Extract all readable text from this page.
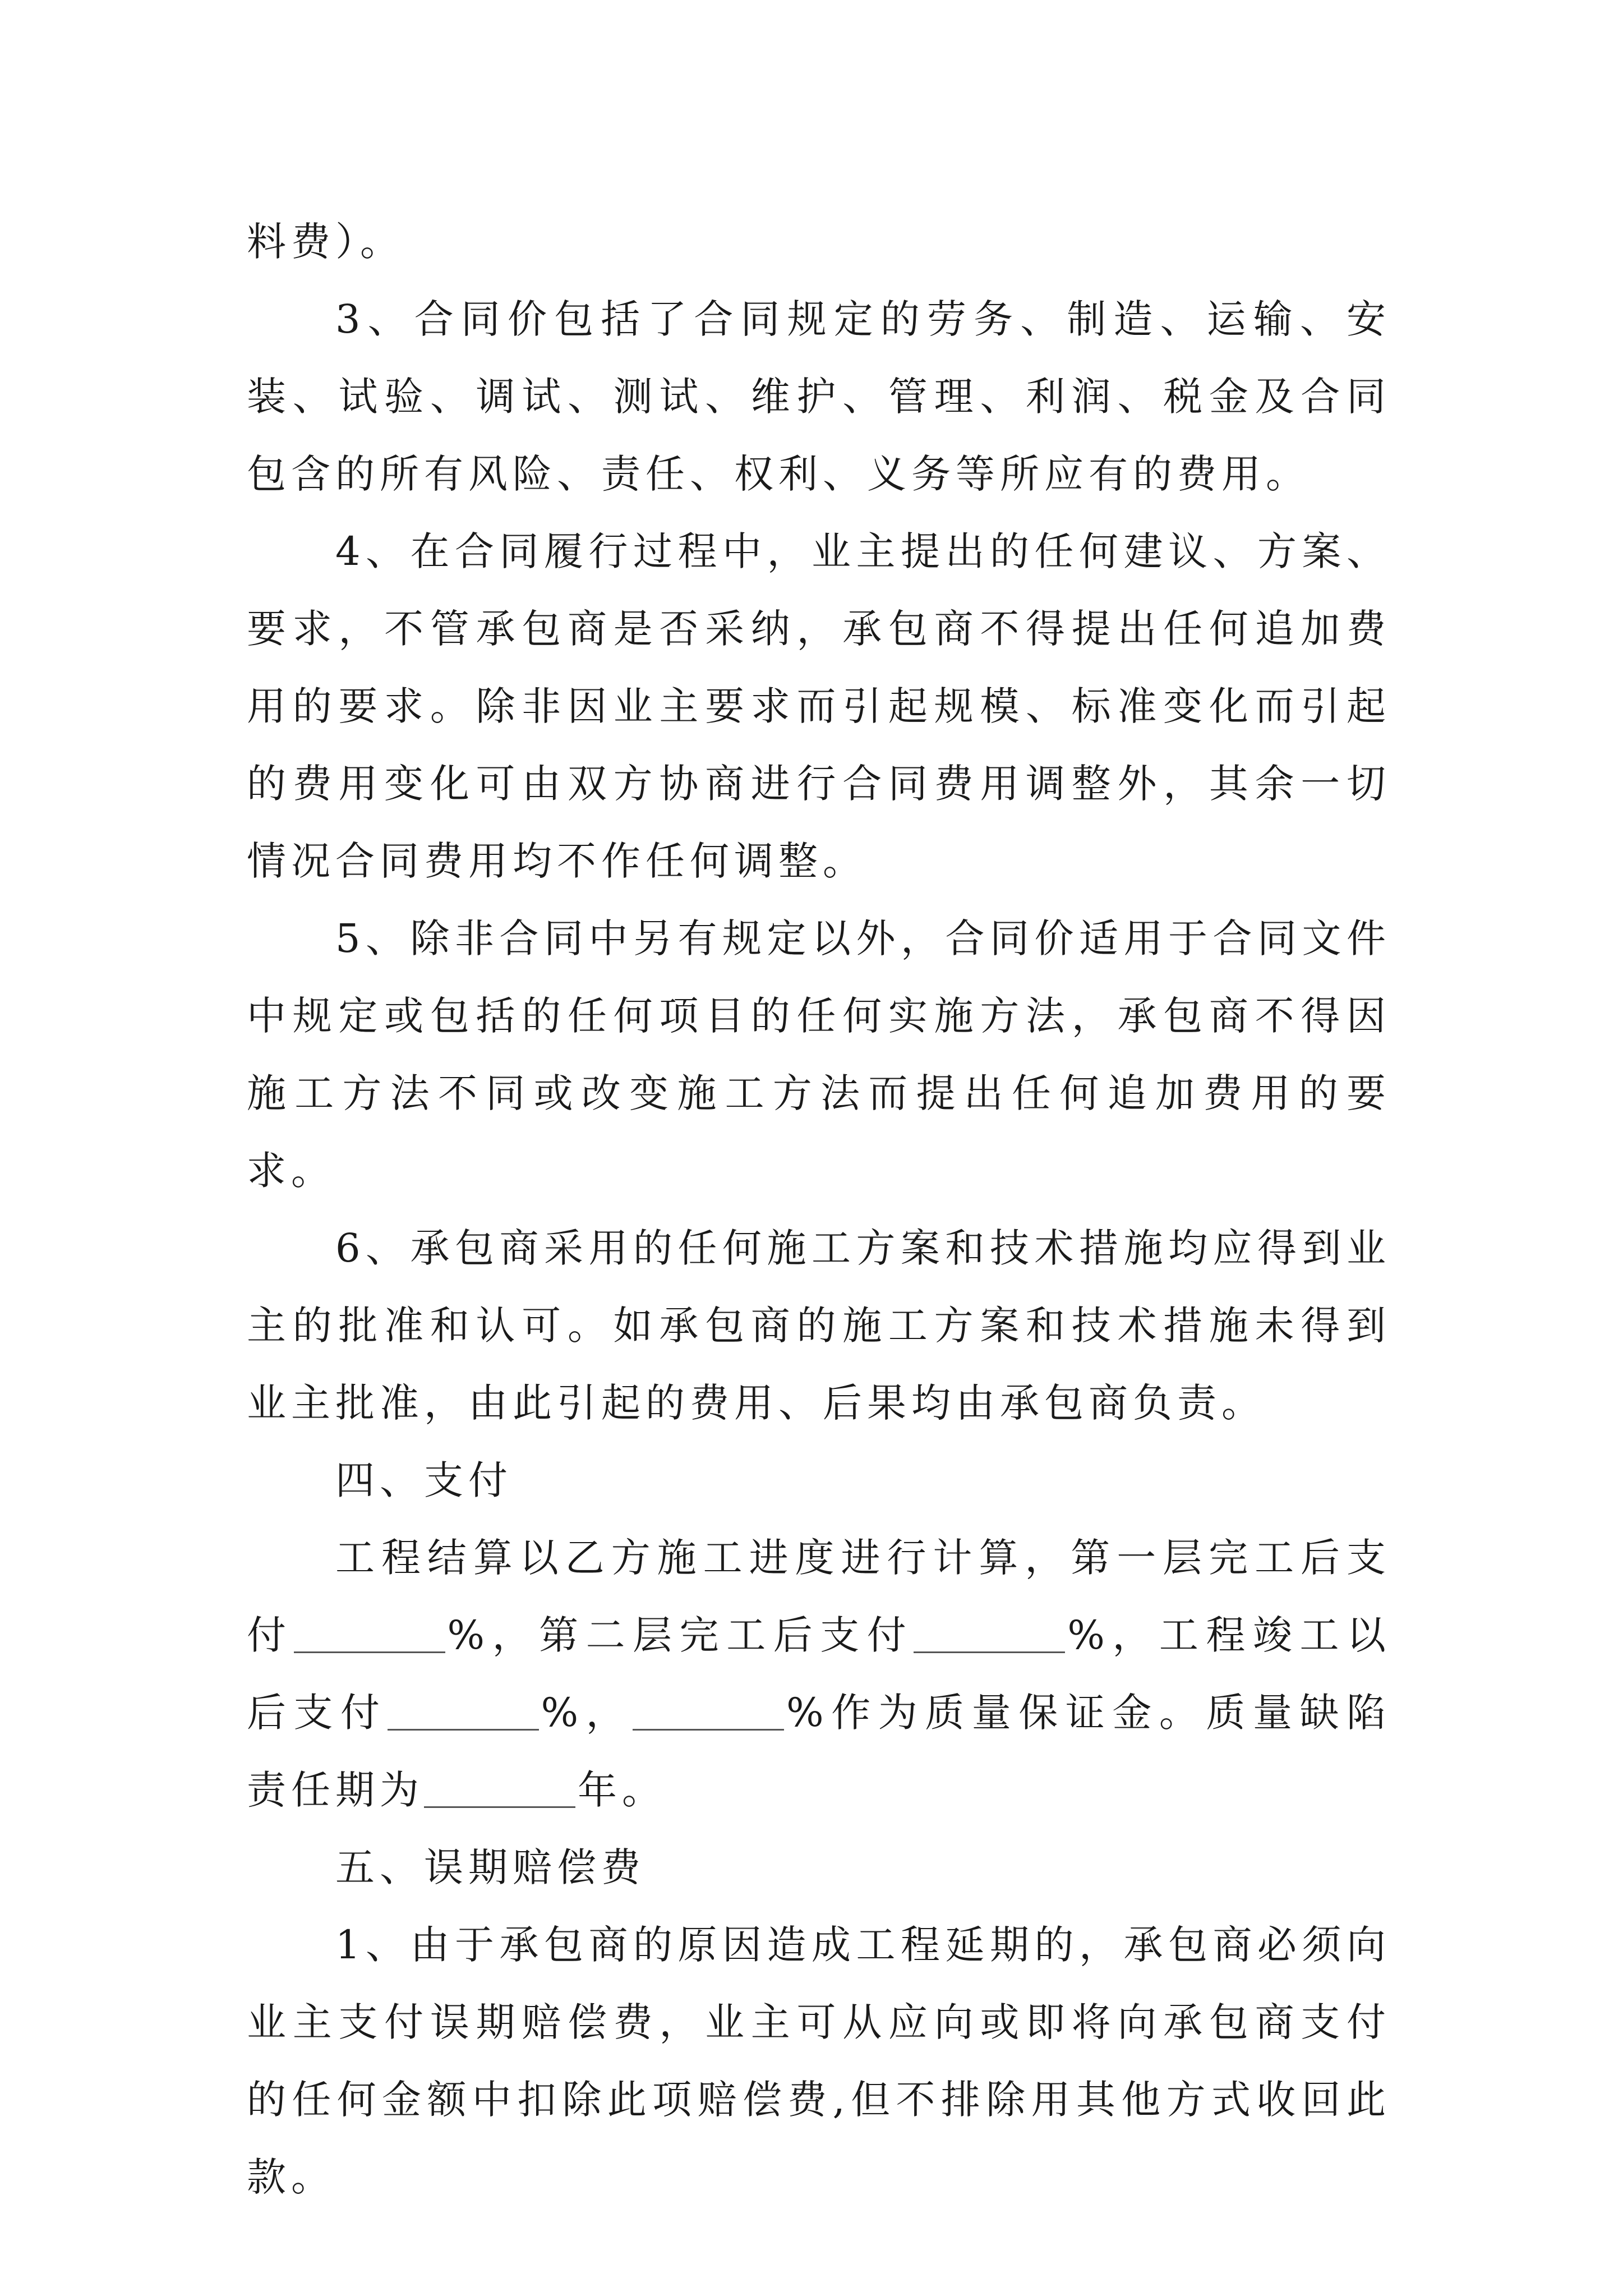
料费）。

3、合同价包括了合同规定的劳务、制造、运输、安装、试验、调试、测试、维护、管理、利润、税金及合同包含的所有风险、责任、权利、义务等所应有的费用。

4、在合同履行过程中，业主提出的任何建议、方案、要求，不管承包商是否采纳，承包商不得提出任何追加费用的要求。除非因业主要求而引起规模、标准变化而引起的费用变化可由双方协商进行合同费用调整外，其余一切情况合同费用均不作任何调整。

5、除非合同中另有规定以外，合同价适用于合同文件中规定或包括的任何项目的任何实施方法，承包商不得因施工方法不同或改变施工方法而提出任何追加费用的要求。

6、承包商采用的任何施工方案和技术措施均应得到业主的批准和认可。如承包商的施工方案和技术措施未得到业主批准，由此引起的费用、后果均由承包商负责。

四、支付

工程结算以乙方施工进度进行计算，第一层完工后支付	%，第二层完工后支付	%，工程竣工以后支付	%，	%作为质量保证金。质量缺陷责任期为	年。

五、误期赔偿费

1、由于承包商的原因造成工程延期的，承包商必须向业主支付误期赔偿费，业主可从应向或即将向承包商支付的任何金额中扣除此项赔偿费,但不排除用其他方式收回此款。
